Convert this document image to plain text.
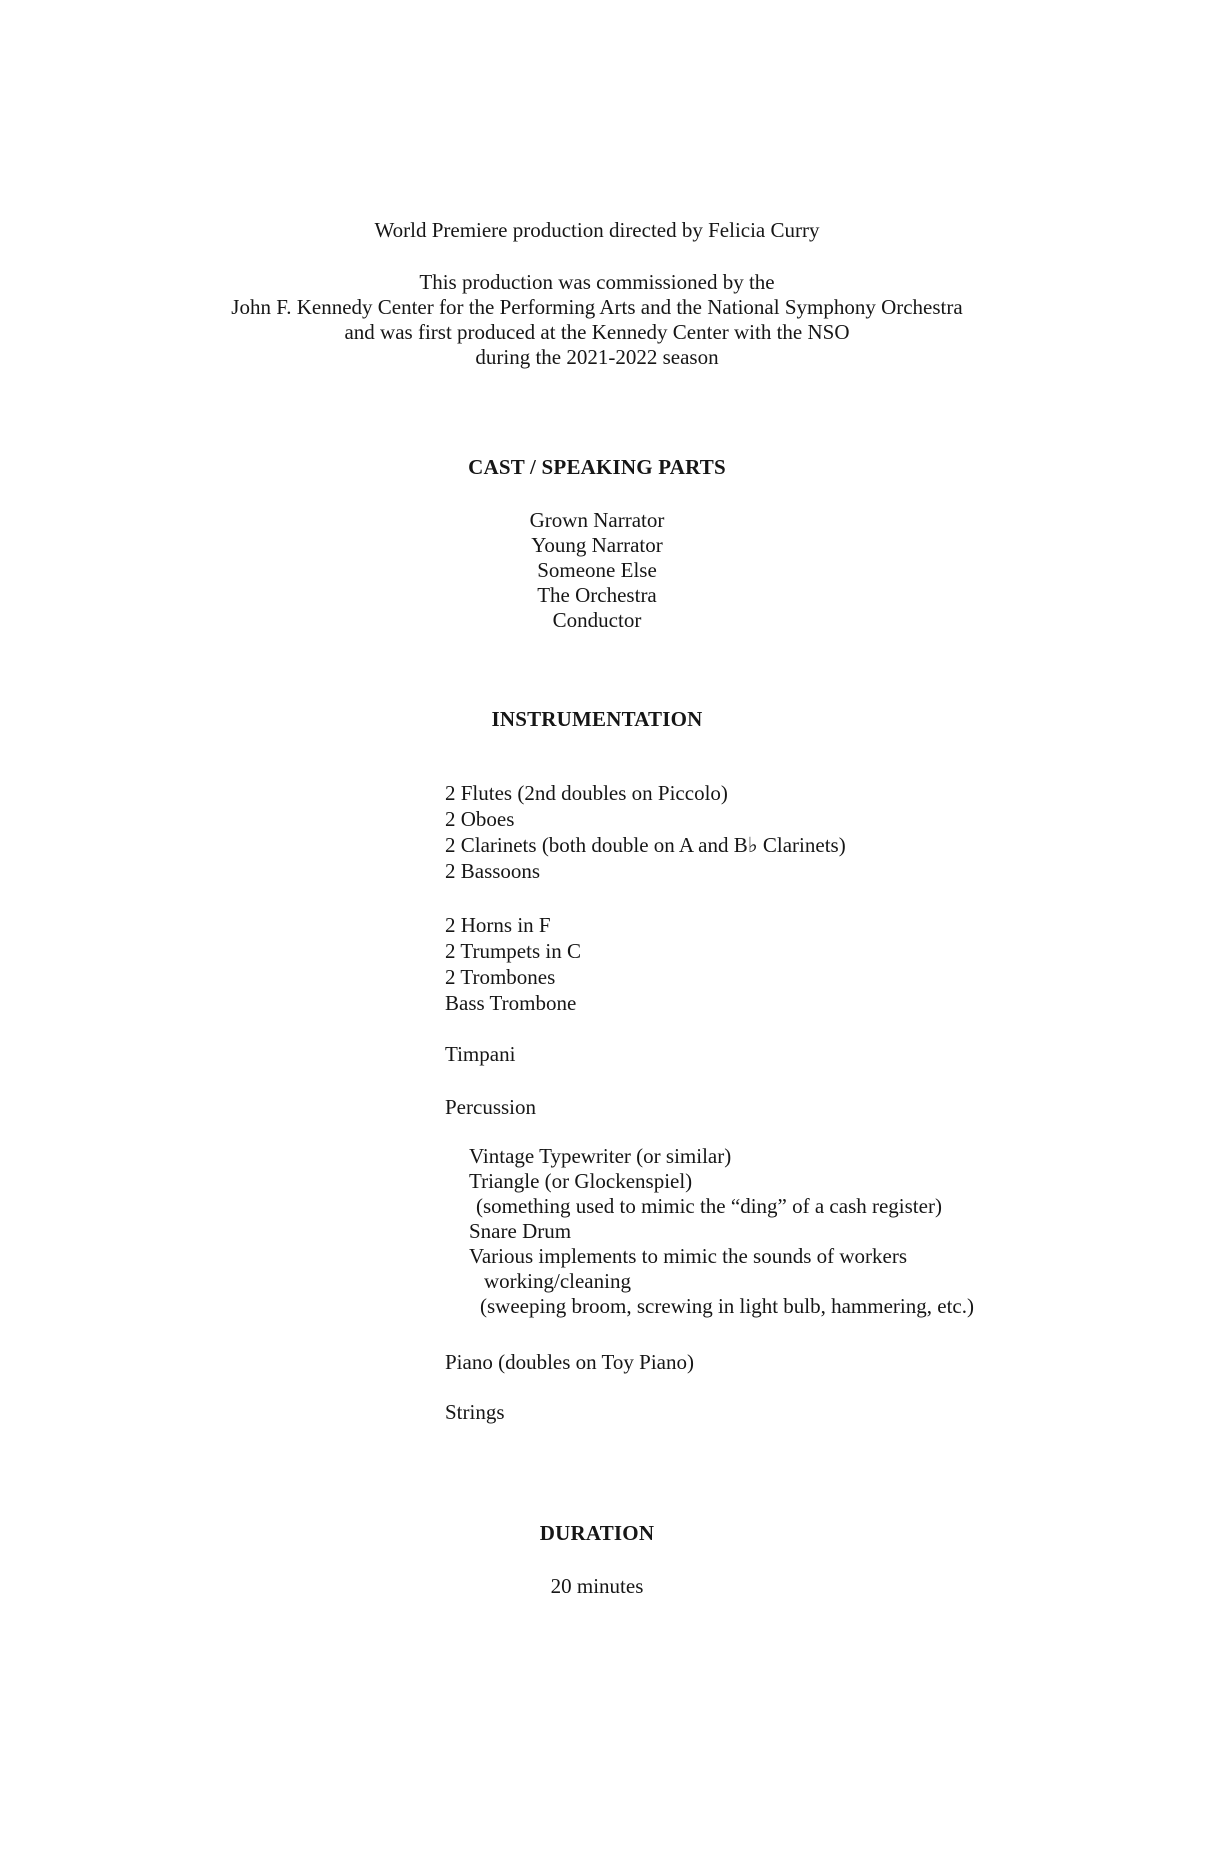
World Premiere production directed by Felicia Curry
This production was commissioned by the
John F. Kennedy Center for the Performing Arts and the National Symphony Orchestra
and was first produced at the Kennedy Center with the NSO
during the 2021-2022 season
CAST / SPEAKING PARTS
Grown Narrator
Young Narrator
Someone Else
The Orchestra
Conductor
INSTRUMENTATION
2 Flutes (2nd doubles on Piccolo)
2 Oboes
2 Clarinets (both double on A and B♭ Clarinets)
2 Bassoons
2 Horns in F
2 Trumpets in C
2 Trombones
Bass Trombone
Timpani
Percussion
Vintage Typewriter (or similar)
Triangle (or Glockenspiel)
(something used to mimic the “ding” of a cash register)
Snare Drum
Various implements to mimic the sounds of workers
working/cleaning
(sweeping broom, screwing in light bulb, hammering, etc.)
Piano (doubles on Toy Piano)
Strings
DURATION
20 minutes
